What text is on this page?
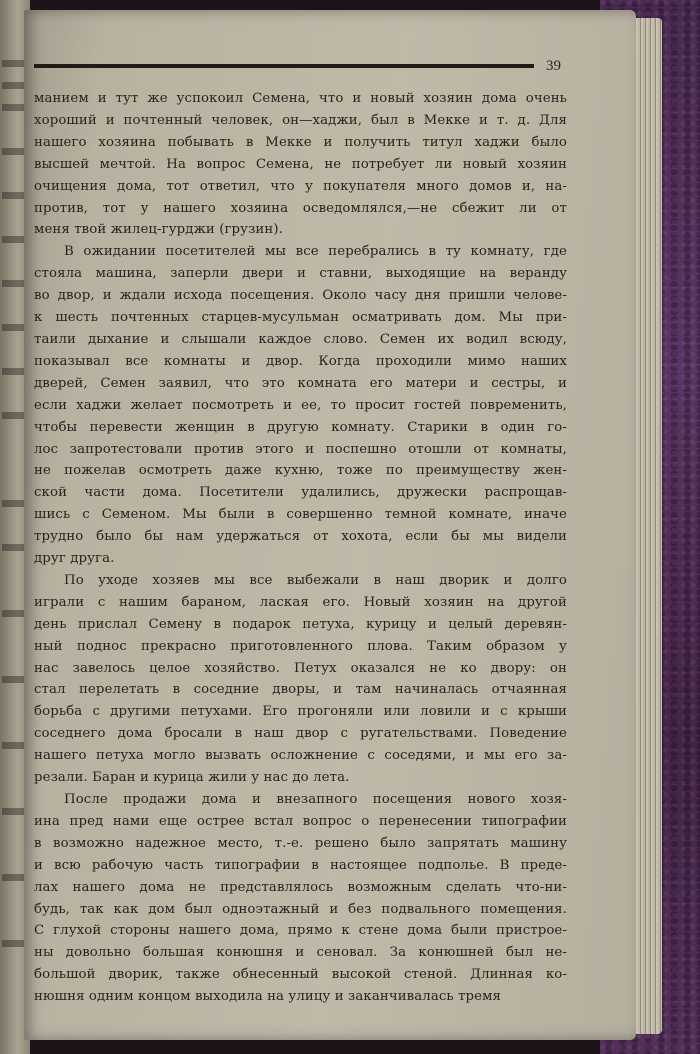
39
манием и тут же успокоил Семена, что и новый хозяин дома очень
хороший и почтенный человек, он—хаджи, был в Мекке и т. д. Для
нашего хозяина побывать в Мекке и получить титул хаджи было
высшей мечтой. На вопрос Семена, не потребует ли новый хозяин
очищения дома, тот ответил, что у покупателя много домов и, на-
против, тот у нашего хозяина осведомлялся,—не сбежит ли от
меня твой жилец-гурджи (грузин).
В ожидании посетителей мы все перебрались в ту комнату, где
стояла машина, заперли двери и ставни, выходящие на веранду
во двор, и ждали исхода посещения. Около часу дня пришли челове-
к шесть почтенных старцев-мусульман осматривать дом. Мы при-
таили дыхание и слышали каждое слово. Семен их водил всюду,
показывал все комнаты и двор. Когда проходили мимо наших
дверей, Семен заявил, что это комната его матери и сестры, и
если хаджи желает посмотреть и ее, то просит гостей повременить,
чтобы перевести женщин в другую комнату. Старики в один го-
лос запротестовали против этого и поспешно отошли от комнаты,
не пожелав осмотреть даже кухню, тоже по преимуществу жен-
ской части дома. Посетители удалились, дружески распрощав-
шись с Семеном. Мы были в совершенно темной комнате, иначе
трудно было бы нам удержаться от хохота, если бы мы видели
друг друга.
По уходе хозяев мы все выбежали в наш дворик и долго
играли с нашим бараном, лаская его. Новый хозяин на другой
день прислал Семену в подарок петуха, курицу и целый деревян-
ный поднос прекрасно приготовленного плова. Таким образом у
нас завелось целое хозяйство. Петух оказался не ко двору: он
стал перелетать в соседние дворы, и там начиналась отчаянная
борьба с другими петухами. Его прогоняли или ловили и с крыши
соседнего дома бросали в наш двор с ругательствами. Поведение
нашего петуха могло вызвать осложнение с соседями, и мы его за-
резали. Баран и курица жили у нас до лета.
После продажи дома и внезапного посещения нового хозя-
ина пред нами еще острее встал вопрос о перенесении типографии
в возможно надежное место, т.-е. решено было запрятать машину
и всю рабочую часть типографии в настоящее подполье. В преде-
лах нашего дома не представлялось возможным сделать что-ни-
будь, так как дом был одноэтажный и без подвального помещения.
С глухой стороны нашего дома, прямо к стене дома были пристрое-
ны довольно большая конюшня и сеновал. За конюшней был не-
большой дворик, также обнесенный высокой стеной. Длинная ко-
нюшня одним концом выходила на улицу и заканчивалась тремя
